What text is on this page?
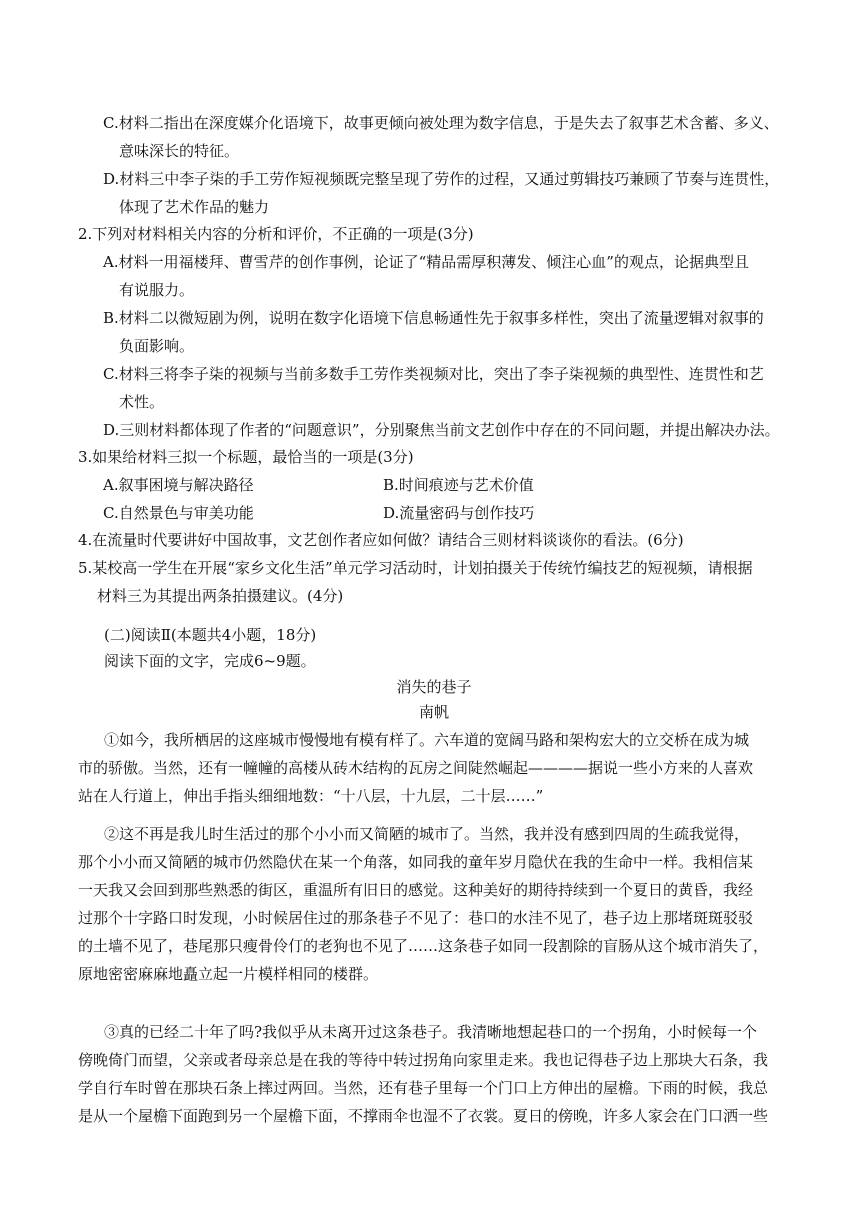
C.材料二指出在深度媒介化语境下，故事更倾向被处理为数字信息，于是失去了叙事艺术含蓄、多义、
意味深长的特征。
D.材料三中李子柒的手工劳作短视频既完整呈现了劳作的过程，又通过剪辑技巧兼顾了节奏与连贯性，
体现了艺术作品的魅力
2.下列对材料相关内容的分析和评价，不正确的一项是(3分)
A.材料一用福楼拜、曹雪芹的创作事例，论证了“精品需厚积薄发、倾注心血”的观点，论据典型且
有说服力。
B.材料二以微短剧为例，说明在数字化语境下信息畅通性先于叙事多样性，突出了流量逻辑对叙事的
负面影响。
C.材料三将李子柒的视频与当前多数手工劳作类视频对比，突出了李子柒视频的典型性、连贯性和艺
术性。
D.三则材料都体现了作者的“问题意识”，分别聚焦当前文艺创作中存在的不同问题，并提出解决办法。
3.如果给材料三拟一个标题，最恰当的一项是(3分)
A.叙事困境与解决路径	B.时间痕迹与艺术价值
C.自然景色与审美功能	D.流量密码与创作技巧
4.在流量时代要讲好中国故事，文艺创作者应如何做？请结合三则材料谈谈你的看法。(6分)
5.某校高一学生在开展“家乡文化生活”单元学习活动时，计划拍摄关于传统竹编技艺的短视频，请根据
材料三为其提出两条拍摄建议。(4分)
(二)阅读Ⅱ(本题共4小题，18分)
阅读下面的文字，完成6~9题。
消失的巷子
南帆
①如今，我所栖居的这座城市慢慢地有模有样了。六车道的宽阔马路和架构宏大的立交桥在成为城
市的骄傲。当然，还有一幢幢的高楼从砖木结构的瓦房之间陡然崛起————据说一些小方来的人喜欢
站在人行道上，伸出手指头细细地数：“十八层，十九层，二十层……”
②这不再是我儿时生活过的那个小小而又简陋的城市了。当然，我并没有感到四周的生疏我觉得，
那个小小而又简陋的城市仍然隐伏在某一个角落，如同我的童年岁月隐伏在我的生命中一样。我相信某
一天我又会回到那些熟悉的街区，重温所有旧日的感觉。这种美好的期待持续到一个夏日的黄昏，我经
过那个十字路口时发现，小时候居住过的那条巷子不见了：巷口的水洼不见了，巷子边上那堵斑斑驳驳
的土墙不见了，巷尾那只瘦骨伶仃的老狗也不见了……这条巷子如同一段割除的盲肠从这个城市消失了，
原地密密麻麻地矗立起一片模样相同的楼群。
③真的已经二十年了吗?我似乎从未离开过这条巷子。我清晰地想起巷口的一个拐角，小时候每一个
傍晚倚门而望，父亲或者母亲总是在我的等待中转过拐角向家里走来。我也记得巷子边上那块大石条，我
学自行车时曾在那块石条上摔过两回。当然，还有巷子里每一个门口上方伸出的屋檐。下雨的时候，我总
是从一个屋檐下面跑到另一个屋檐下面，不撑雨伞也湿不了衣裳。夏日的傍晚，许多人家会在门口洒一些
